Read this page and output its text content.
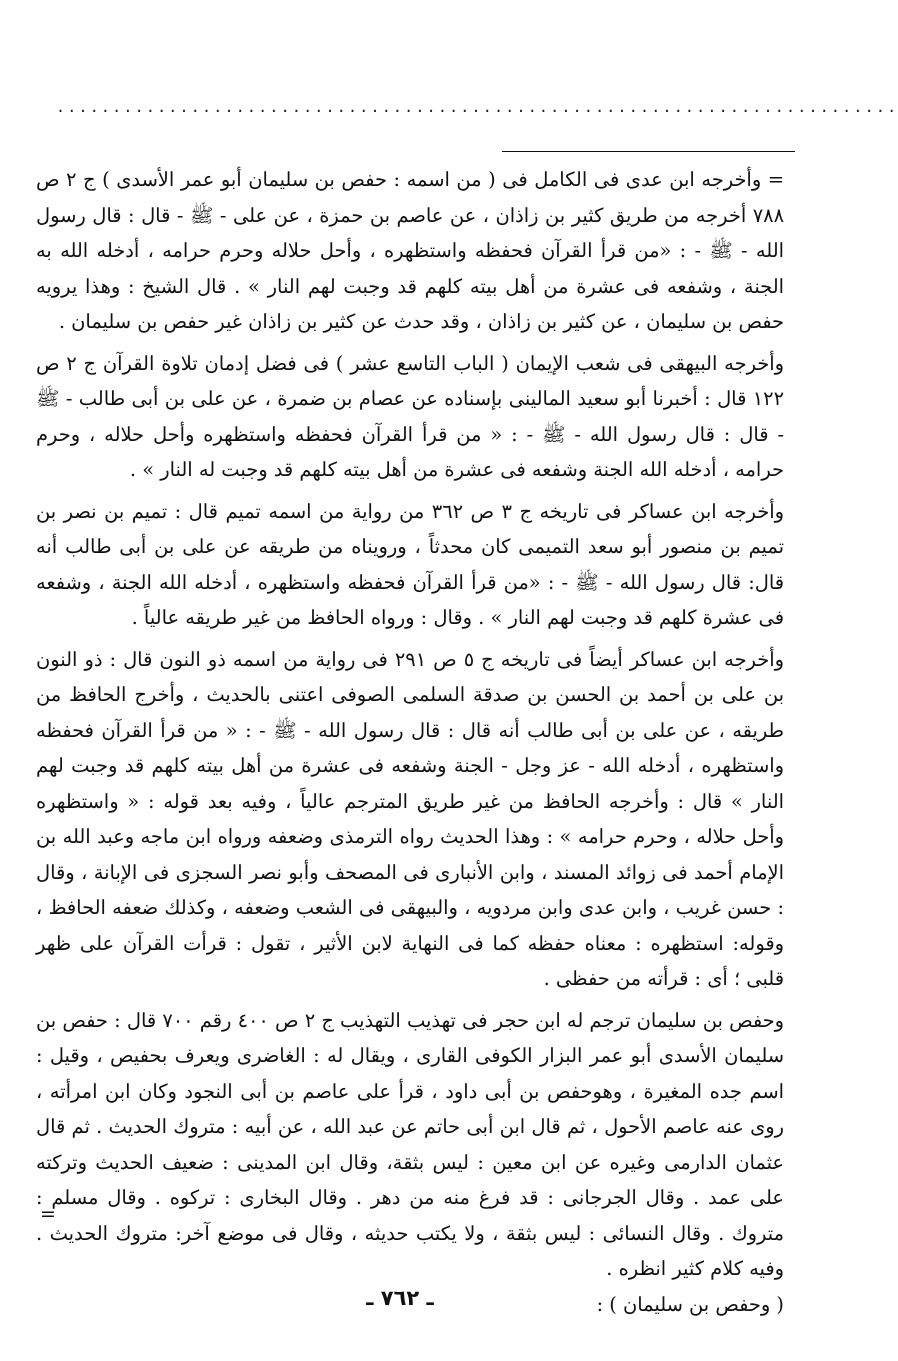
...........................................................................

= وأخرجه ابن عدى فى الكامل فى ( من اسمه : حفص بن سليمان أبو عمر الأسدى ) ج ٢ ص ٧٨٨ أخرجه من طريق كثير بن زاذان ، عن عاصم بن حمزة ، عن على - ﷺ - قال : قال رسول الله - ﷺ - : «من قرأ القرآن فحفظه واستظهره ، وأحل حلاله وحرم حرامه ، أدخله الله به الجنة ، وشفعه فى عشرة من أهل بيته كلهم قد وجبت لهم النار » . قال الشيخ : وهذا يرويه حفص بن سليمان ، عن كثير بن زاذان ، وقد حدث عن كثير بن زاذان غير حفص بن سليمان .

وأخرجه البيهقى فى شعب الإيمان ( الباب التاسع عشر ) فى فضل إدمان تلاوة القرآن ج ٢ ص ١٢٢ قال : أخبرنا أبو سعيد المالينى بإسناده عن عصام بن ضمرة ، عن على بن أبى طالب - ﷺ - قال : قال رسول الله - ﷺ - : « من قرأ القرآن فحفظه واستظهره وأحل حلاله ، وحرم حرامه ، أدخله الله الجنة وشفعه فى عشرة من أهل بيته كلهم قد وجبت له النار » .

وأخرجه ابن عساكر فى تاريخه ج ٣ ص ٣٦٢ من رواية من اسمه تميم قال : تميم بن نصر بن تميم بن منصور أبو سعد التميمى كان محدثاً ، ورويناه من طريقه عن على بن أبى طالب أنه قال: قال رسول الله - ﷺ - : «من قرأ القرآن فحفظه واستظهره ، أدخله الله الجنة ، وشفعه فى عشرة كلهم قد وجبت لهم النار » . وقال : ورواه الحافظ من غير طريقه عالياً .

وأخرجه ابن عساكر أيضاً فى تاريخه ج ٥ ص ٢٩١ فى رواية من اسمه ذو النون قال : ذو النون بن على بن أحمد بن الحسن بن صدقة السلمى الصوفى اعتنى بالحديث ، وأخرج الحافظ من طريقه ، عن على بن أبى طالب أنه قال : قال رسول الله - ﷺ - : « من قرأ القرآن فحفظه واستظهره ، أدخله الله - عز وجل - الجنة وشفعه فى عشرة من أهل بيته كلهم قد وجبت لهم النار » قال : وأخرجه الحافظ من غير طريق المترجم عالياً ، وفيه بعد قوله : « واستظهره وأحل حلاله ، وحرم حرامه » : وهذا الحديث رواه الترمذى وضعفه ورواه ابن ماجه وعبد الله بن الإمام أحمد فى زوائد المسند ، وابن الأنبارى فى المصحف وأبو نصر السجزى فى الإبانة ، وقال : حسن غريب ، وابن عدى وابن مردويه ، والبيهقى فى الشعب وضعفه ، وكذلك ضعفه الحافظ ، وقوله: استظهره : معناه حفظه كما فى النهاية لابن الأثير ، تقول : قرأت القرآن على ظهر قلبى ؛ أى : قرأته من حفظى .

وحفص بن سليمان ترجم له ابن حجر فى تهذيب التهذيب ج ٢ ص ٤٠٠ رقم ٧٠٠ قال : حفص بن سليمان الأسدى أبو عمر البزار الكوفى القارى ، ويقال له : الغاضرى ويعرف بحفيص ، وقيل : اسم جده المغيرة ، وهوحفص بن أبى داود ، قرأ على عاصم بن أبى النجود وكان ابن امرأته ، روى عنه عاصم الأحول ، ثم قال ابن أبى حاتم عن عبد الله ، عن أبيه : متروك الحديث . ثم قال عثمان الدارمى وغيره عن ابن معين : ليس بثقة، وقال ابن المدينى : ضعيف الحديث وتركته على عمد . وقال الجرجانى : قد فرغ منه من دهر . وقال البخارى : تركوه . وقال مسلم : متروك . وقال النسائى : ليس بثقة ، ولا يكتب حديثه ، وقال فى موضع آخر: متروك الحديث . وفيه كلام كثير انظره .

( وحفص بن سليمان ) :

=
ـ ٧٦٢ ـ
